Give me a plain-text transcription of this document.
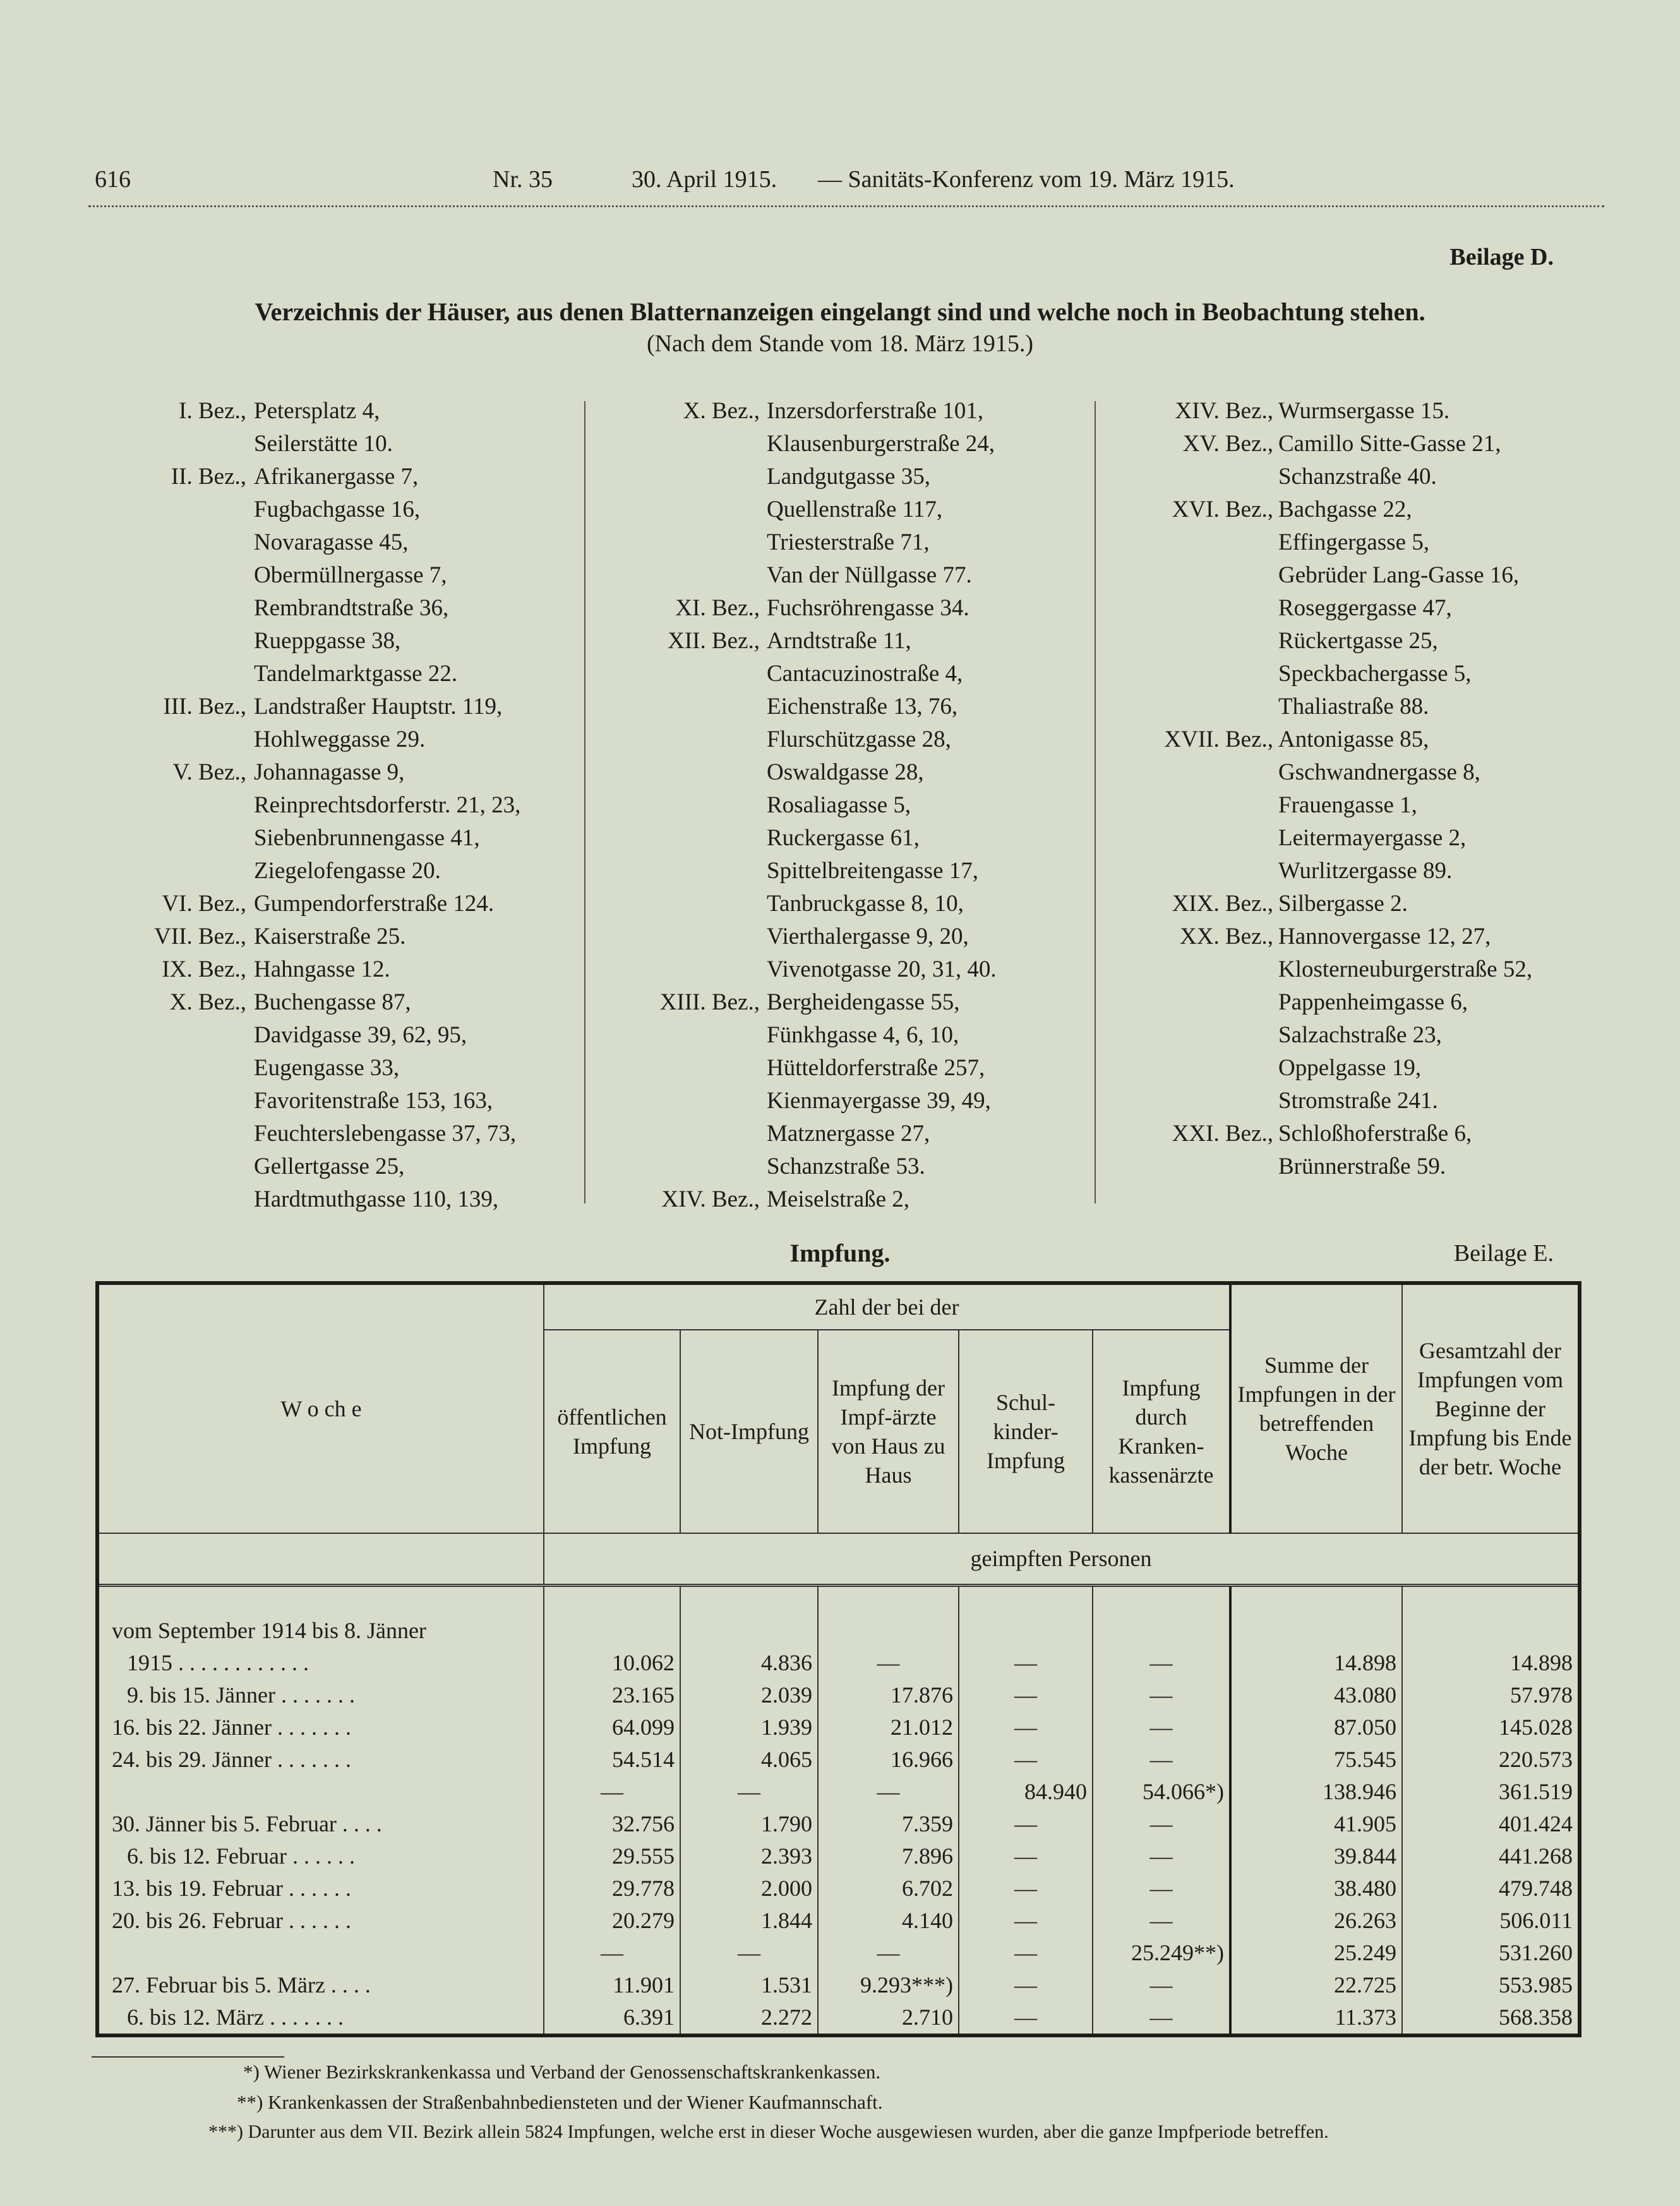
616	Nr. 35	30. April 1915. — Sanitäts-Konferenz vom 19. März 1915.
Beilage D.
Verzeichnis der Häuser, aus denen Blatternanzeigen eingelangt sind und welche noch in Beobachtung stehen.
(Nach dem Stande vom 18. März 1915.)
I. Bez., Petersplatz 4,
Seilerstätte 10.
II. Bez., Afrikanergasse 7,
Fugbachgasse 16,
Novaragasse 45,
Obermüllnergasse 7,
Rembrandtstraße 36,
Rueppgasse 38,
Tandelmarktgasse 22.
III. Bez., Landstraßer Hauptstr. 119,
Hohlweggasse 29.
V. Bez., Johannagasse 9,
Reinprechtsdorferstr. 21, 23,
Siebenbrunnengasse 41,
Ziegelofengasse 20.
VI. Bez., Gumpendorferstraße 124.
VII. Bez., Kaiserstraße 25.
IX. Bez., Hahngasse 12.
X. Bez., Buchengasse 87,
Davidgasse 39, 62, 95,
Eugengasse 33,
Favoritenstraße 153, 163,
Feuchterslebengasse 37, 73,
Gellertgasse 25,
Hardtmuthgasse 110, 139,
X. Bez., Inzersdorferstraße 101,
Klausenburgerstraße 24,
Landgutgasse 35,
Quellenstraße 117,
Triesterstraße 71,
Van der Nüllgasse 77.
XI. Bez., Fuchsröhrengasse 34.
XII. Bez., Arndtstraße 11,
Cantacuzinostraße 4,
Eichenstraße 13, 76,
Flurschützgasse 28,
Oswaldgasse 28,
Rosaliagasse 5,
Ruckergasse 61,
Spittelbreitengasse 17,
Tanbruckgasse 8, 10,
Vierthalergasse 9, 20,
Vivenotgasse 20, 31, 40.
XIII. Bez., Bergheidengasse 55,
Fünkhgasse 4, 6, 10,
Hütteldorferstraße 257,
Kienmayergasse 39, 49,
Matznergasse 27,
Schanzstraße 53.
XIV. Bez., Meiselstraße 2,
XIV. Bez., Wurmsergasse 15.
XV. Bez., Camillo Sitte-Gasse 21,
Schanzstraße 40.
XVI. Bez., Bachgasse 22,
Effingergasse 5,
Gebrüder Lang-Gasse 16,
Roseggergasse 47,
Rückertgasse 25,
Speckbachergasse 5,
Thaliastraße 88.
XVII. Bez., Antonigasse 85,
Gschwandnergasse 8,
Frauengasse 1,
Leitermayergasse 2,
Wurlitzergasse 89.
XIX. Bez., Silbergasse 2.
XX. Bez., Hannovergasse 12, 27,
Klosterneuburgerstraße 52,
Pappenheimgasse 6,
Salzachstraße 23,
Oppelgasse 19,
Stromstraße 241.
XXI. Bez., Schloßhoferstraße 6,
Brünnerstraße 59.
Impfung.	Beilage E.
W o ch e	Zahl der bei der					Summe der Impfungen in der betreffenden Woche	Gesamtzahl der Impfungen vom Beginne der Impfung bis Ende der betr. Woche
	öffentlichen Impfung	Not-Impfung	Impfung der Impf-ärzte von Haus zu Haus	Schul-kinder-Impfung	Impfung durch Kranken-kassenärzte		
	geimpften Personen						

vom September 1914 bis 8. Jänner							
1915 . . . . . . . . . . . .	10.062	4.836	—	—	—	14.898	14.898
9. bis 15. Jänner . . . . . . .	23.165	2.039	17.876	—	—	43.080	57.978
16. bis 22. Jänner . . . . . . .	64.099	1.939	21.012	—	—	87.050	145.028
24. bis 29. Jänner . . . . . . .	54.514	4.065	16.966	—	—	75.545	220.573
	—	—	—	84.940	54.066*)	138.946	361.519
30. Jänner bis 5. Februar . . . .	32.756	1.790	7.359	—	—	41.905	401.424
6. bis 12. Februar . . . . . .	29.555	2.393	7.896	—	—	39.844	441.268
13. bis 19. Februar . . . . . .	29.778	2.000	6.702	—	—	38.480	479.748
20. bis 26. Februar . . . . . .	20.279	1.844	4.140	—	—	26.263	506.011
	—	—	—	—	25.249**)	25.249	531.260
27. Februar bis 5. März . . . .	11.901	1.531	9.293***)	—	—	22.725	553.985
6. bis 12. März . . . . . . .	6.391	2.272	2.710	—	—	11.373	568.358
*) Wiener Bezirkskrankenkassa und Verband der Genossenschaftskrankenkassen.
**) Krankenkassen der Straßenbahnbediensteten und der Wiener Kaufmannschaft.
***) Darunter aus dem VII. Bezirk allein 5824 Impfungen, welche erst in dieser Woche ausgewiesen wurden, aber die ganze Impfperiode betreffen.
